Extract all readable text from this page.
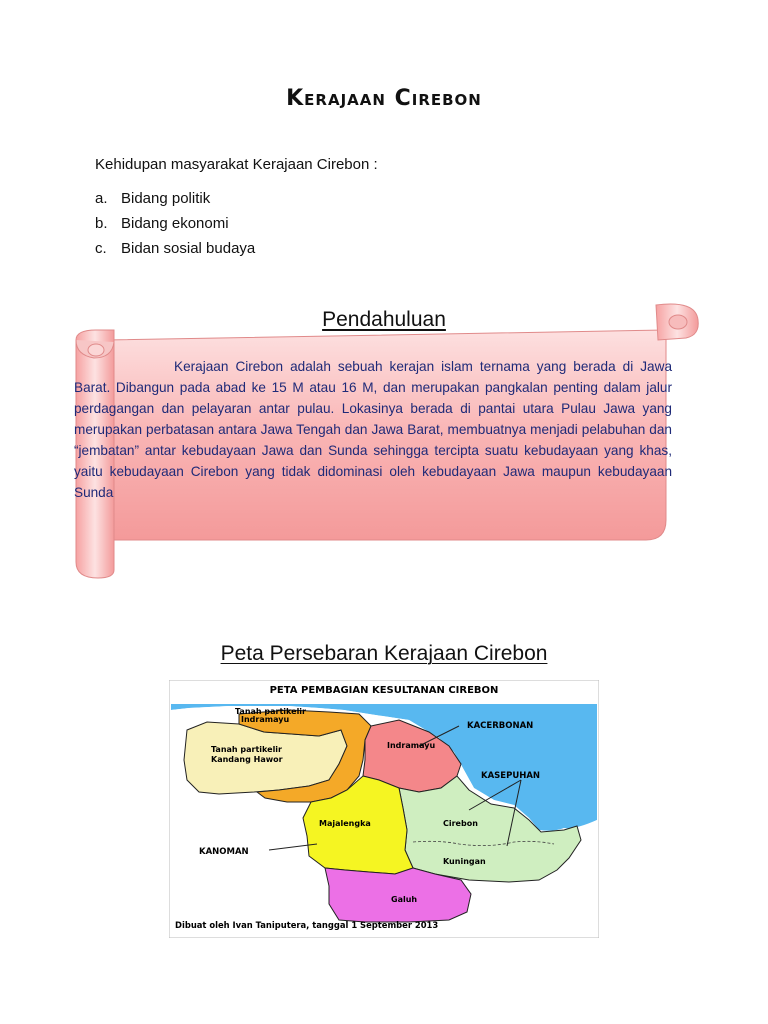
Kerajaan Cirebon
Kehidupan masyarakat Kerajaan Cirebon :
a. Bidang politik
b. Bidang ekonomi
c. Bidan sosial budaya
Pendahuluan
Kerajaan Cirebon adalah sebuah kerajan islam ternama yang berada di Jawa Barat. Dibangun pada abad ke 15 M atau 16 M, dan merupakan pangkalan penting dalam jalur perdagangan dan pelayaran antar pulau. Lokasinya berada di pantai utara Pulau Jawa yang merupakan perbatasan antara Jawa Tengah dan Jawa Barat, membuatnya menjadi pelabuhan dan “jembatan” antar kebudayaan Jawa dan Sunda sehingga tercipta suatu kebudayaan yang khas, yaitu kebudayaan Cirebon yang tidak didominasi oleh kebudayaan Jawa maupun kebudayaan Sunda
Peta Persebaran Kerajaan Cirebon
PETA PEMBAGIAN KESULTANAN CIREBON
Tanah partikelir
Indramayu
Tanah partikelir
Kandang Hawor
Indramayu
KACERBONAN
KASEPUHAN
Cirebon
Majalengka
KANOMAN
Kuningan
Galuh
Dibuat oleh Ivan Taniputera, tanggal 1 September 2013
